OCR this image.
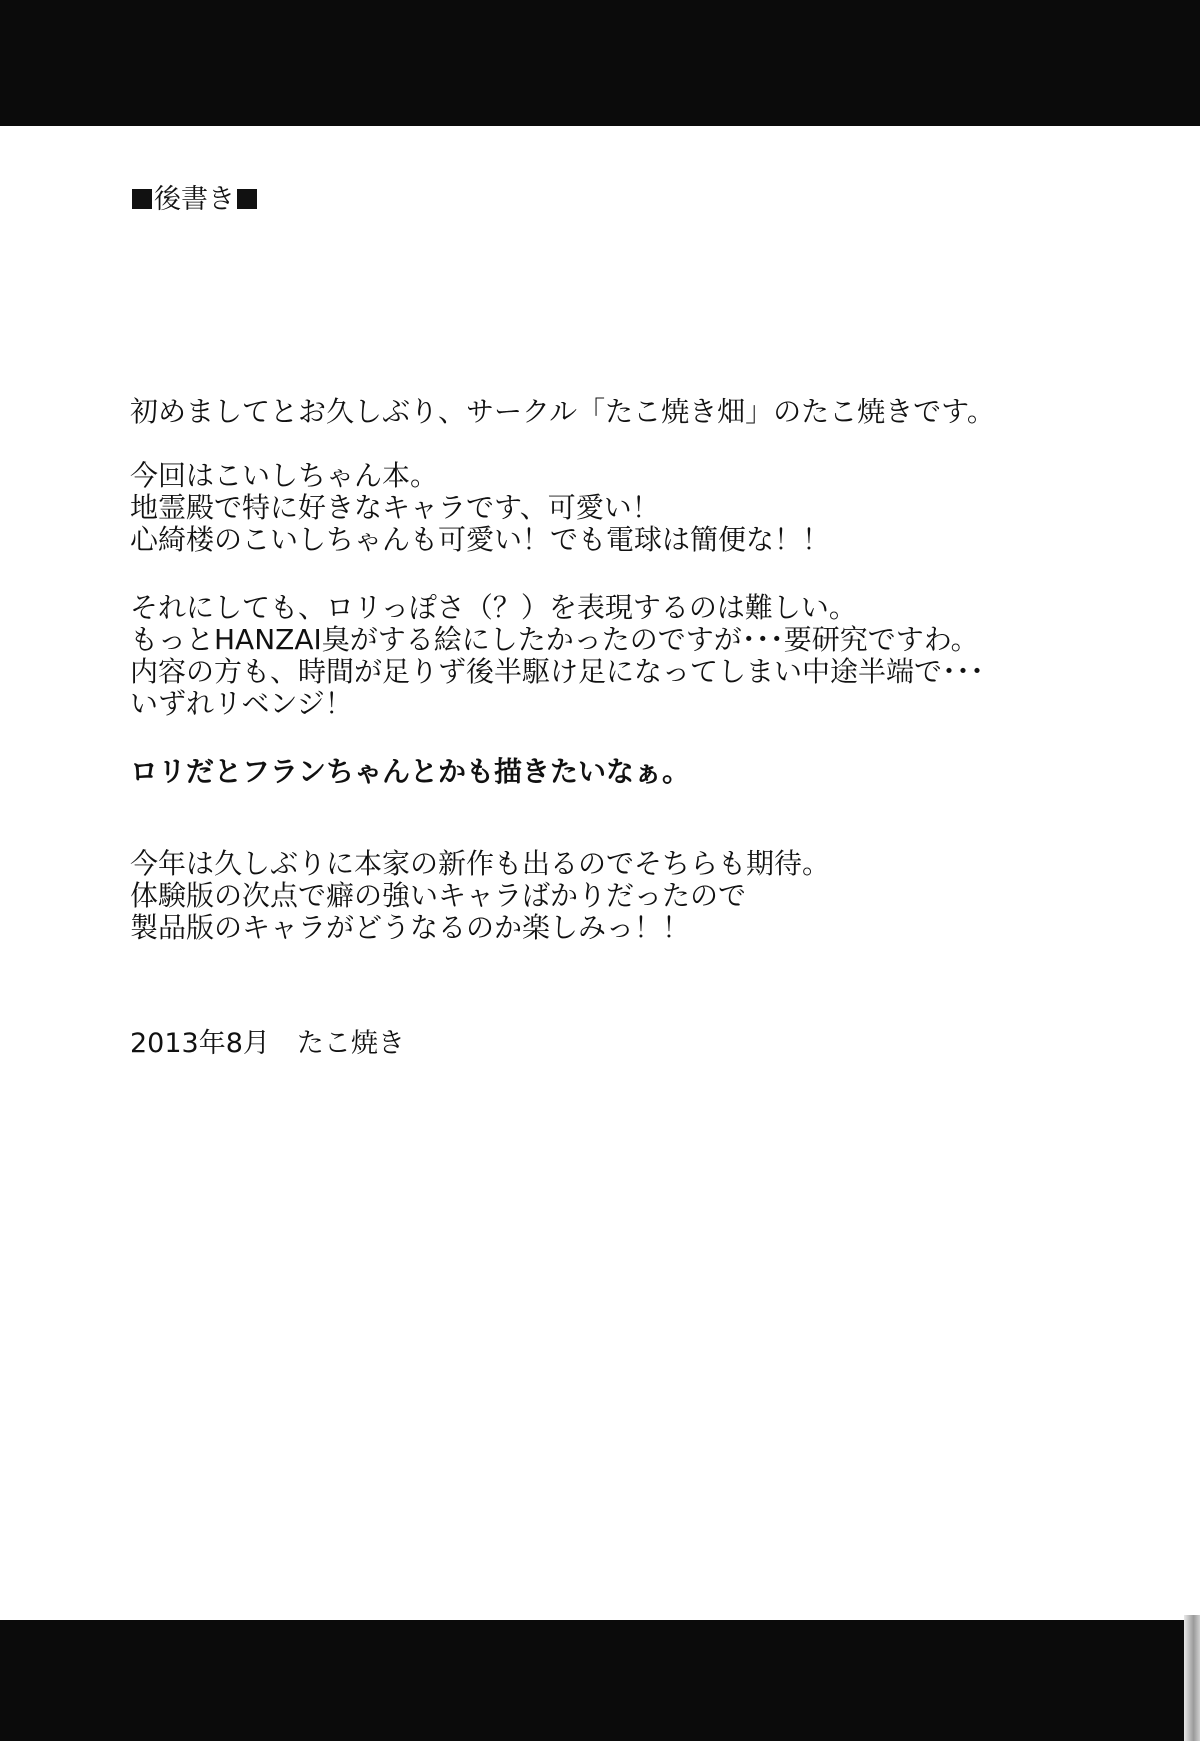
後書き
初めましてとお久しぶり、サークル「たこ焼き畑」のたこ焼きです。
今回はこいしちゃん本。
地霊殿で特に好きなキャラです、可愛い！
心綺楼のこいしちゃんも可愛い！でも電球は簡便な！！
それにしても、ロリっぽさ（？）を表現するのは難しい。
もっとHANZAI臭がする絵にしたかったのですが･･･要研究ですわ。
内容の方も、時間が足りず後半駆け足になってしまい中途半端で･･･
いずれリベンジ！
ロリだとフランちゃんとかも描きたいなぁ。
今年は久しぶりに本家の新作も出るのでそちらも期待。
体験版の次点で癖の強いキャラばかりだったので
製品版のキャラがどうなるのか楽しみっ！！
2013年8月　 たこ焼き
